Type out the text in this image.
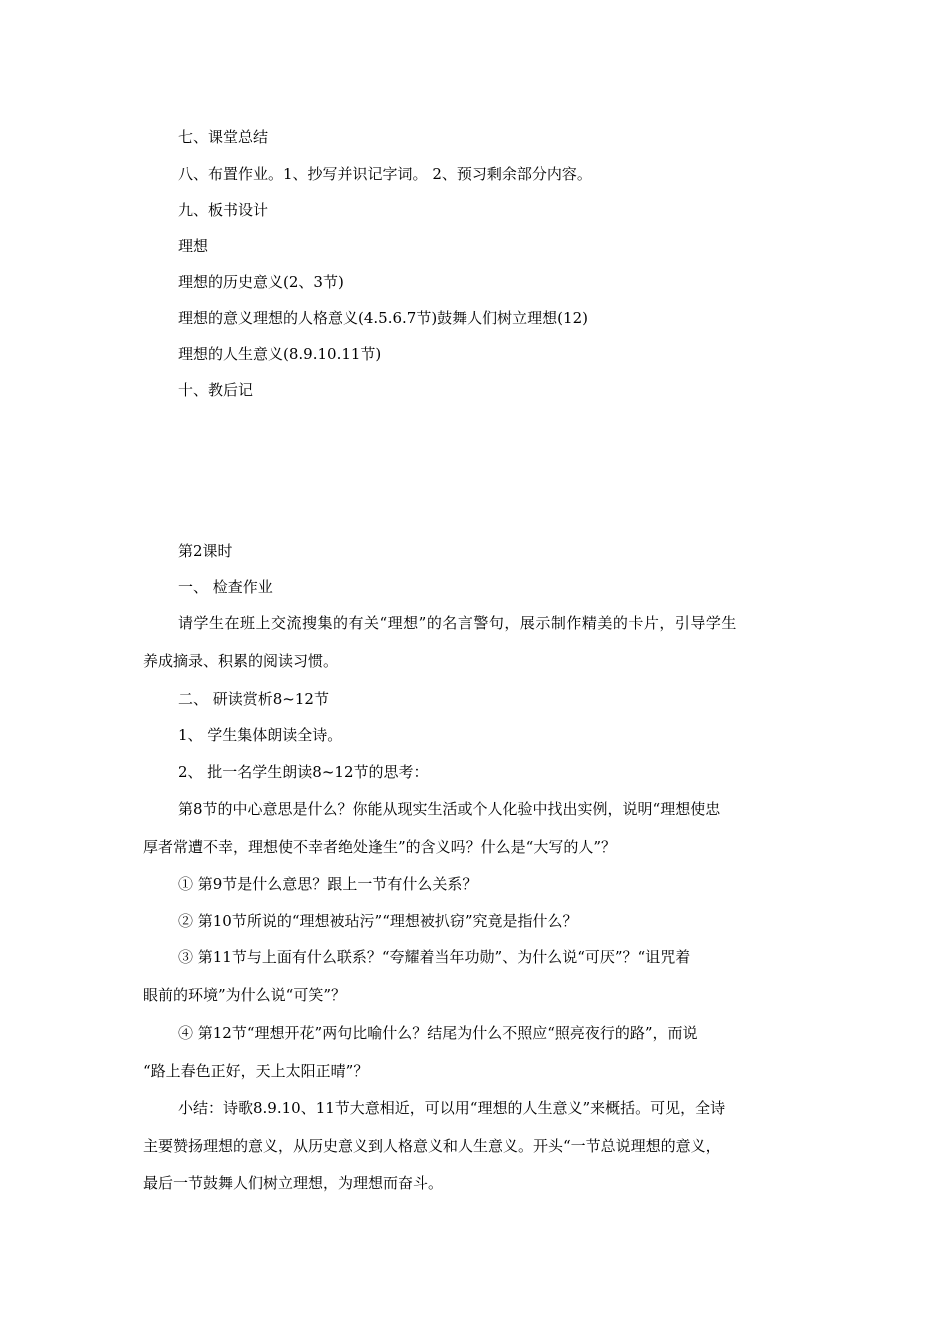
七、课堂总结
八、布置作业。1、抄写并识记字词。 2、预习剩余部分内容。
九、板书设计
理想
理想的历史意义(2、3节)
理想的意义理想的人格意义(4.5.6.7节)鼓舞人们树立理想(12)
理想的人生意义(8.9.10.11节)
十、教后记
第2课时
一、 检查作业
请学生在班上交流搜集的有关“理想”的名言警句，展示制作精美的卡片，引导学生
养成摘录、积累的阅读习惯。
二、 研读赏析8~12节
1、 学生集体朗读全诗。
2、 批一名学生朗读8~12节的思考：
第8节的中心意思是什么？你能从现实生活或个人化验中找出实例，说明“理想使忠
厚者常遭不幸，理想使不幸者绝处逢生”的含义吗？什么是“大写的人”？
① 第9节是什么意思？跟上一节有什么关系？
② 第10节所说的“理想被玷污”“理想被扒窃”究竟是指什么？
③ 第11节与上面有什么联系？“夸耀着当年功勋”、为什么说“可厌”？“诅咒着
眼前的环境”为什么说“可笑”？
④ 第12节“理想开花”两句比喻什么？结尾为什么不照应“照亮夜行的路”，而说
“路上春色正好，天上太阳正晴”？
小结：诗歌8.9.10、11节大意相近，可以用“理想的人生意义”来概括。可见，全诗
主要赞扬理想的意义，从历史意义到人格意义和人生意义。开头“一节总说理想的意义，
最后一节鼓舞人们树立理想，为理想而奋斗。
